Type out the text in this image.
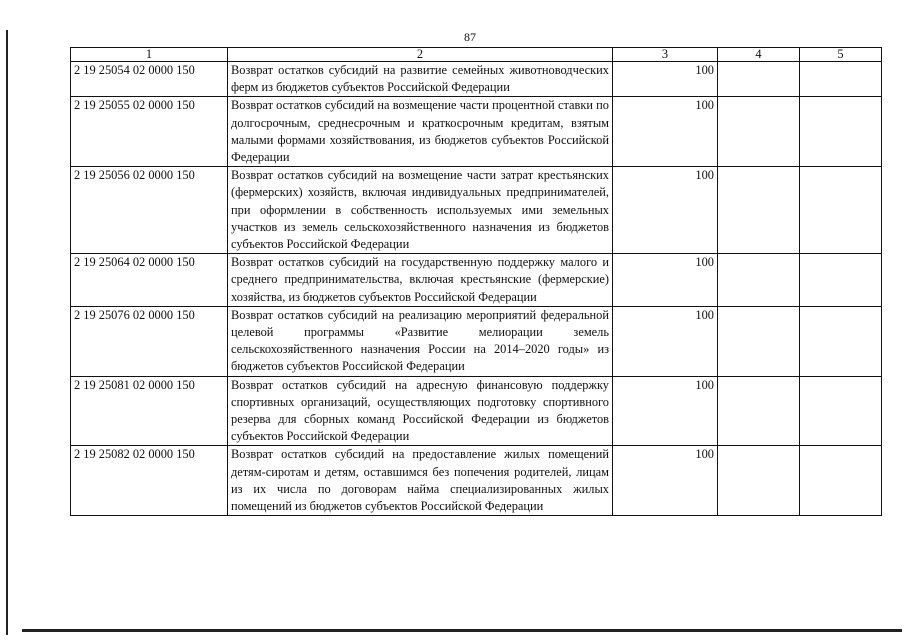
87
1	2	3	4	5
2 19 25054 02 0000 150	Возврат остатков субсидий на развитие семейных животноводческих ферм из бюджетов субъектов Российской Федерации	100		
2 19 25055 02 0000 150	Возврат остатков субсидий на возмещение части процентной ставки по долгосрочным, среднесрочным и краткосрочным кредитам, взятым малыми формами хозяйствования, из бюджетов субъектов Российской Федерации	100		
2 19 25056 02 0000 150	Возврат остатков субсидий на возмещение части затрат крестьянских (фермерских) хозяйств, включая индивидуальных предпринимателей, при оформлении в собственность используемых ими земельных участков из земель сельскохозяйственного назначения из бюджетов субъектов Российской Федерации	100		
2 19 25064 02 0000 150	Возврат остатков субсидий на государственную поддержку малого и среднего предпринимательства, включая крестьянские (фермерские) хозяйства, из бюджетов субъектов Российской Федерации	100		
2 19 25076 02 0000 150	Возврат остатков субсидий на реализацию мероприятий федеральной целевой программы «Развитие мелиорации земель сельскохозяйственного назначения России на 2014–2020 годы» из бюджетов субъектов Российской Федерации	100		
2 19 25081 02 0000 150	Возврат остатков субсидий на адресную финансовую поддержку спортивных организаций, осуществляющих подготовку спортивного резерва для сборных команд Российской Федерации из бюджетов субъектов Российской Федерации	100		
2 19 25082 02 0000 150	Возврат остатков субсидий на предоставление жилых помещений детям-сиротам и детям, оставшимся без попечения родителей, лицам из их числа по договорам найма специализированных жилых помещений из бюджетов субъектов Российской Федерации	100		
